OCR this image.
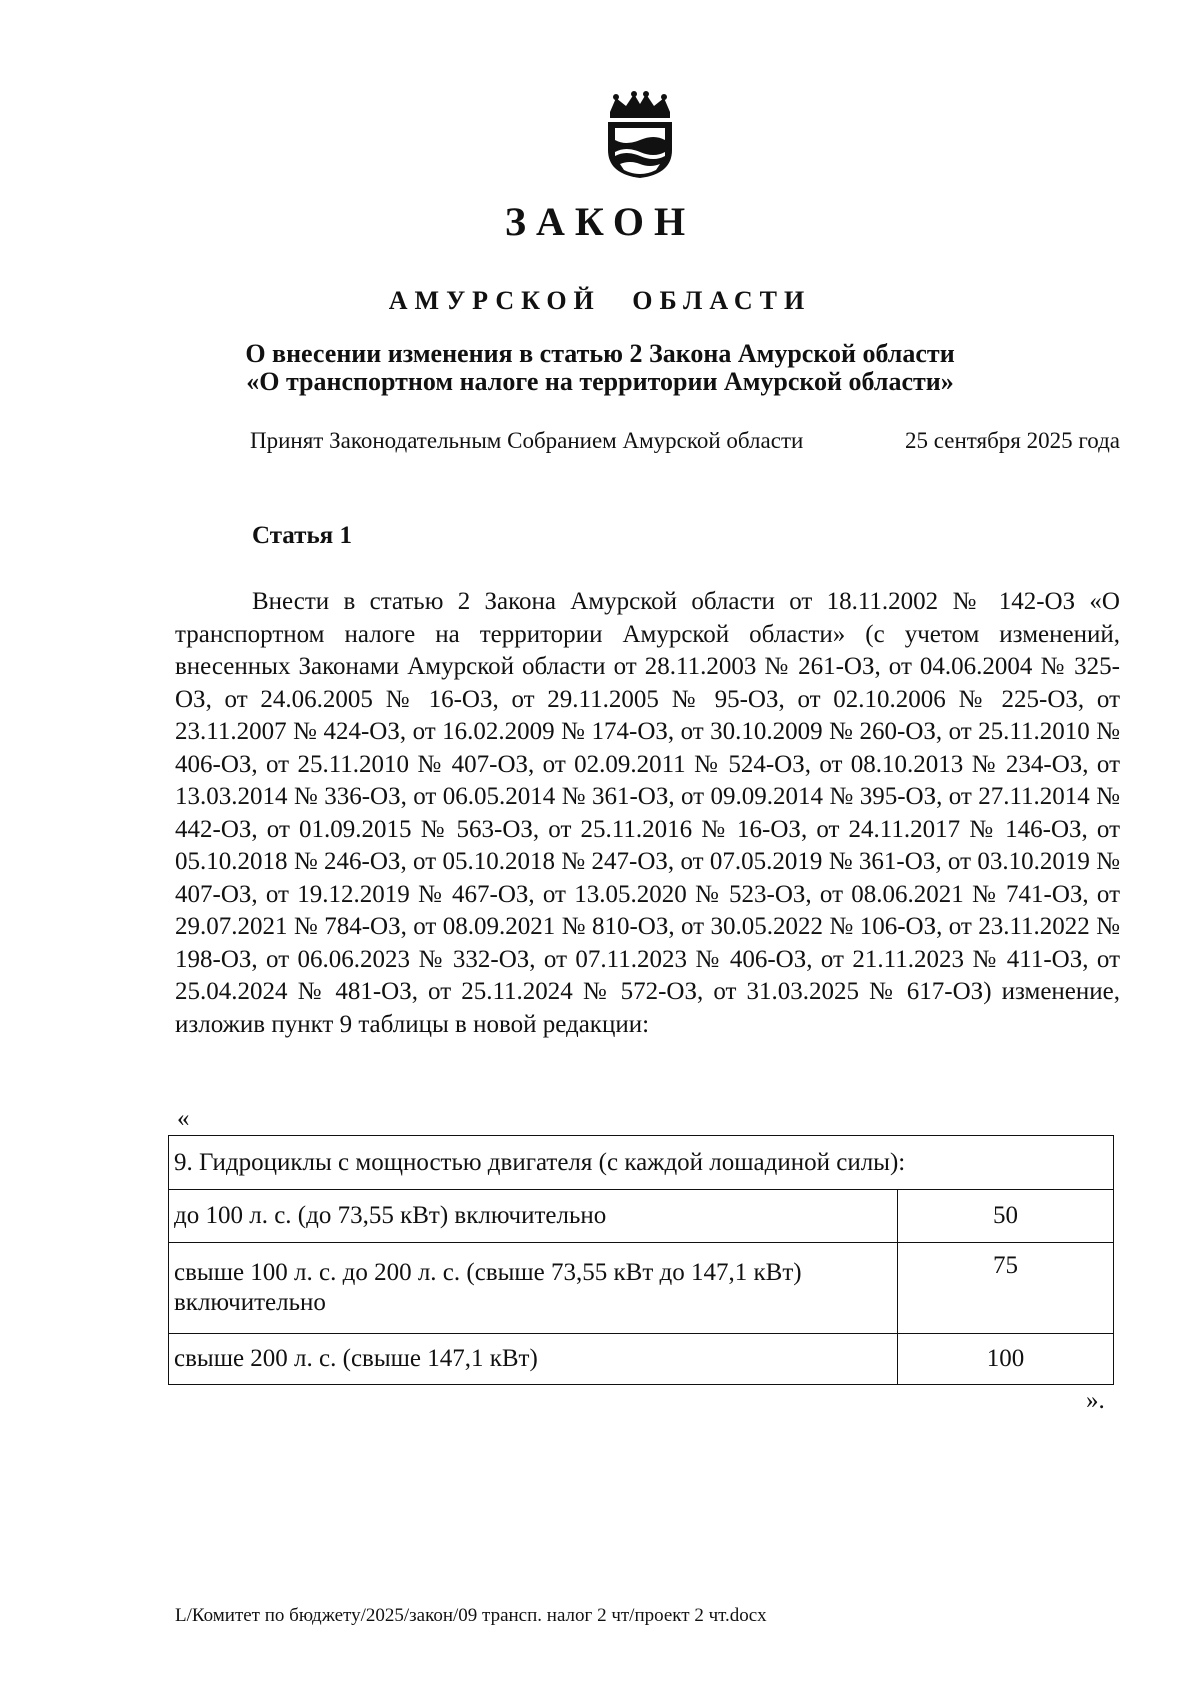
ЗАКОН
АМУРСКОЙ ОБЛАСТИ
О внесении изменения в статью 2 Закона Амурской области
«О транспортном налоге на территории Амурской области»
Принят Законодательным Собранием Амурской области	25 сентября 2025 года
Статья 1
Внести в статью 2 Закона Амурской области от 18.11.2002 № 142-ОЗ «О транспортном налоге на территории Амурской области» (с учетом изменений, внесенных Законами Амурской области от 28.11.2003 № 261-ОЗ, от 04.06.2004 № 325-ОЗ, от 24.06.2005 № 16-ОЗ, от 29.11.2005 № 95-ОЗ, от 02.10.2006 № 225-ОЗ, от 23.11.2007 № 424-ОЗ, от 16.02.2009 № 174-ОЗ, от 30.10.2009 № 260-ОЗ, от 25.11.2010 № 406-ОЗ, от 25.11.2010 № 407-ОЗ, от 02.09.2011 № 524-ОЗ, от 08.10.2013 № 234-ОЗ, от 13.03.2014 № 336-ОЗ, от 06.05.2014 № 361-ОЗ, от 09.09.2014 № 395-ОЗ, от 27.11.2014 № 442-ОЗ, от 01.09.2015 № 563-ОЗ, от 25.11.2016 № 16-ОЗ, от 24.11.2017 № 146-ОЗ, от 05.10.2018 № 246-ОЗ, от 05.10.2018 № 247-ОЗ, от 07.05.2019 № 361-ОЗ, от 03.10.2019 № 407-ОЗ, от 19.12.2019 № 467-ОЗ, от 13.05.2020 № 523-ОЗ, от 08.06.2021 № 741-ОЗ, от 29.07.2021 № 784-ОЗ, от 08.09.2021 № 810-ОЗ, от 30.05.2022 № 106-ОЗ, от 23.11.2022 № 198-ОЗ, от 06.06.2023 № 332-ОЗ, от 07.11.2023 № 406-ОЗ, от 21.11.2023 № 411-ОЗ, от 25.04.2024 № 481-ОЗ, от 25.11.2024 № 572-ОЗ, от 31.03.2025 № 617-ОЗ) изменение, изложив пункт 9 таблицы в новой редакции:
«
9. Гидроциклы с мощностью двигателя (с каждой лошадиной силы):	
до 100 л. с. (до 73,55 кВт) включительно	50
свыше 100 л. с. до 200 л. с. (свыше 73,55 кВт до 147,1 кВт) включительно	75
свыше 200 л. с. (свыше 147,1 кВт)	100
».
L/Комитет по бюджету/2025/закон/09 трансп. налог 2 чт/проект 2 чт.docx
